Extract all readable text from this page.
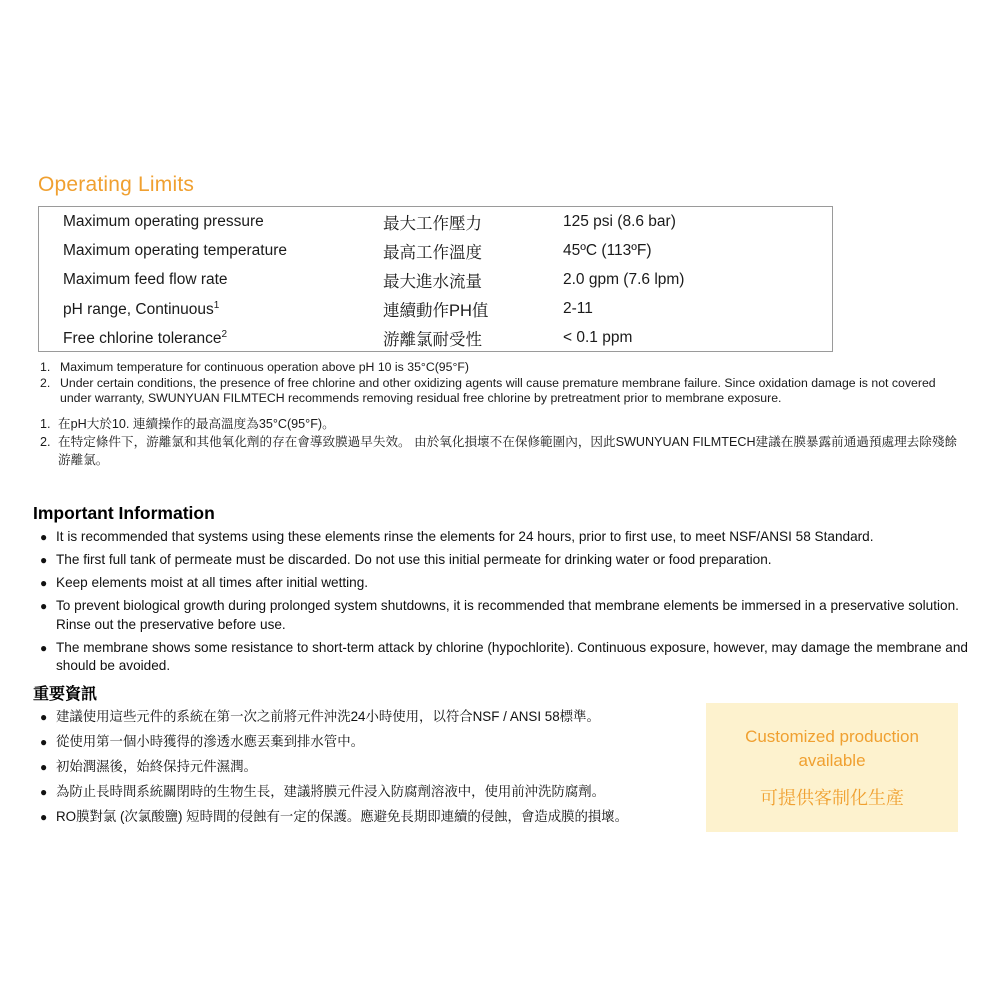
Operating Limits
Maximum operating pressure	最大工作壓力	125 psi (8.6 bar)
Maximum operating temperature	最高工作溫度	45ºC (113ºF)
Maximum feed flow rate	最大進水流量	2.0 gpm (7.6 lpm)
pH range, Continuous$^1$	連續動作PH值	2-11
Free chlorine tolerance$^2$	游離氯耐受性	< 0.1 ppm
1. Maximum temperature for continuous operation above pH 10 is 35°C(95°F)
2. Under certain conditions, the presence of free chlorine and other oxidizing agents will cause premature membrane failure. Since oxidation damage is not covered under warranty, SWUNYUAN FILMTECH recommends removing residual free chlorine by pretreatment prior to membrane exposure.
1. 在pH大於10. 連續操作的最高溫度為35°C(95°F)。
2. 在特定條件下，游離氯和其他氧化劑的存在會導致膜過早失效。 由於氧化損壞不在保修範圍內，因此SWUNYUAN FILMTECH建議在膜暴露前通過預處理去除殘餘游離氯。
Important Information
● It is recommended that systems using these elements rinse the elements for 24 hours, prior to first use, to meet NSF/ANSI 58 Standard.
● The first full tank of permeate must be discarded. Do not use this initial permeate for drinking water or food preparation.
● Keep elements moist at all times after initial wetting.
● To prevent biological growth during prolonged system shutdowns, it is recommended that membrane elements be immersed in a preservative solution. Rinse out the preservative before use.
● The membrane shows some resistance to short-term attack by chlorine (hypochlorite). Continuous exposure, however, may damage the membrane and should be avoided.
重要資訊
● 建議使用這些元件的系統在第一次之前將元件沖洗24小時使用，以符合NSF / ANSI 58標準。
● 從使用第一個小時獲得的滲透水應丟棄到排水管中。
● 初始潤濕後，始終保持元件濕潤。
● 為防止長時間系統關閉時的生物生長，建議將膜元件浸入防腐劑溶液中，使用前沖洗防腐劑。
● RO膜對氯 (次氯酸鹽) 短時間的侵蝕有一定的保護。應避免長期即連續的侵蝕，會造成膜的損壞。
Customized production
available
可提供客制化生產
